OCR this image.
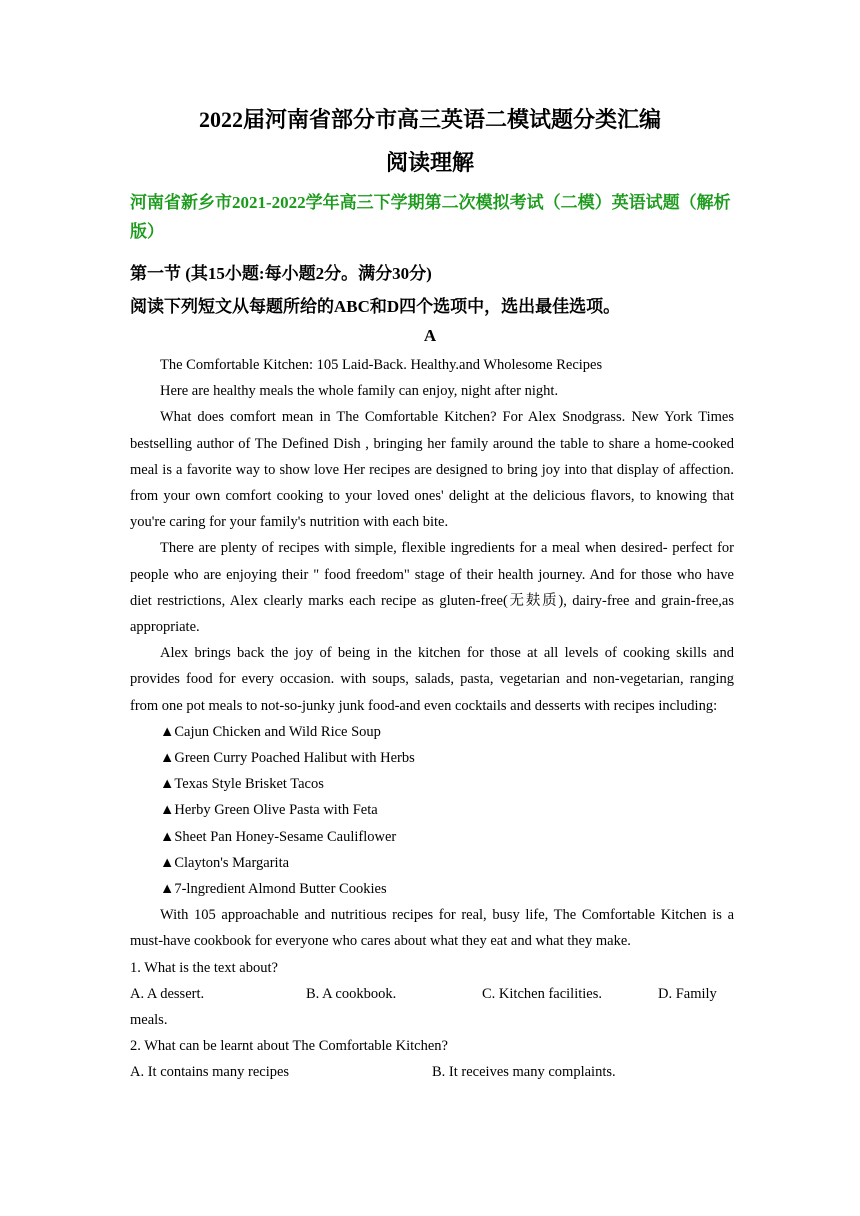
2022届河南省部分市高三英语二模试题分类汇编
阅读理解
河南省新乡市2021-2022学年高三下学期第二次模拟考试（二模）英语试题（解析版）
第一节 (其15小题:每小题2分。满分30分)
阅读下列短文从每题所给的ABC和D四个选项中，选出最佳选项。
A

The Comfortable Kitchen: 105 Laid-Back. Healthy.and Wholesome Recipes

Here are healthy meals the whole family can enjoy, night after night.

What does comfort mean in The Comfortable Kitchen? For Alex Snodgrass. New York Times bestselling author of The Defined Dish , bringing her family around the table to share a home-cooked meal is a favorite way to show love Her recipes are designed to bring joy into that display of affection. from your own comfort cooking to your loved ones' delight at the delicious flavors, to knowing that you're caring for your family's nutrition with each bite.

There are plenty of recipes with simple, flexible ingredients for a meal when desired- perfect for people who are enjoying their " food freedom" stage of their health journey. And for those who have diet restrictions, Alex clearly marks each recipe as gluten-free(无麸质), dairy-free and grain-free,as appropriate.

Alex brings back the joy of being in the kitchen for those at all levels of cooking skills and provides food for every occasion. with soups, salads, pasta, vegetarian and non-vegetarian, ranging from one pot meals to not-so-junky junk food-and even cocktails and desserts with recipes including:

▲Cajun Chicken and Wild Rice Soup

▲Green Curry Poached Halibut with Herbs

▲Texas Style Brisket Tacos

▲Herby Green Olive Pasta with Feta

▲Sheet Pan Honey-Sesame Cauliflower

▲Clayton's Margarita

▲7-lngredient Almond Butter Cookies

With 105 approachable and nutritious recipes for real, busy life, The Comfortable Kitchen is a must-have cookbook for everyone who cares about what they eat and what they make.

1. What is the text about?

A. A dessert.	B. A cookbook.	C. Kitchen facilities.	D. Family

meals.

2. What can be learnt about The Comfortable Kitchen?

A. It contains many recipes	B. It receives many complaints.
